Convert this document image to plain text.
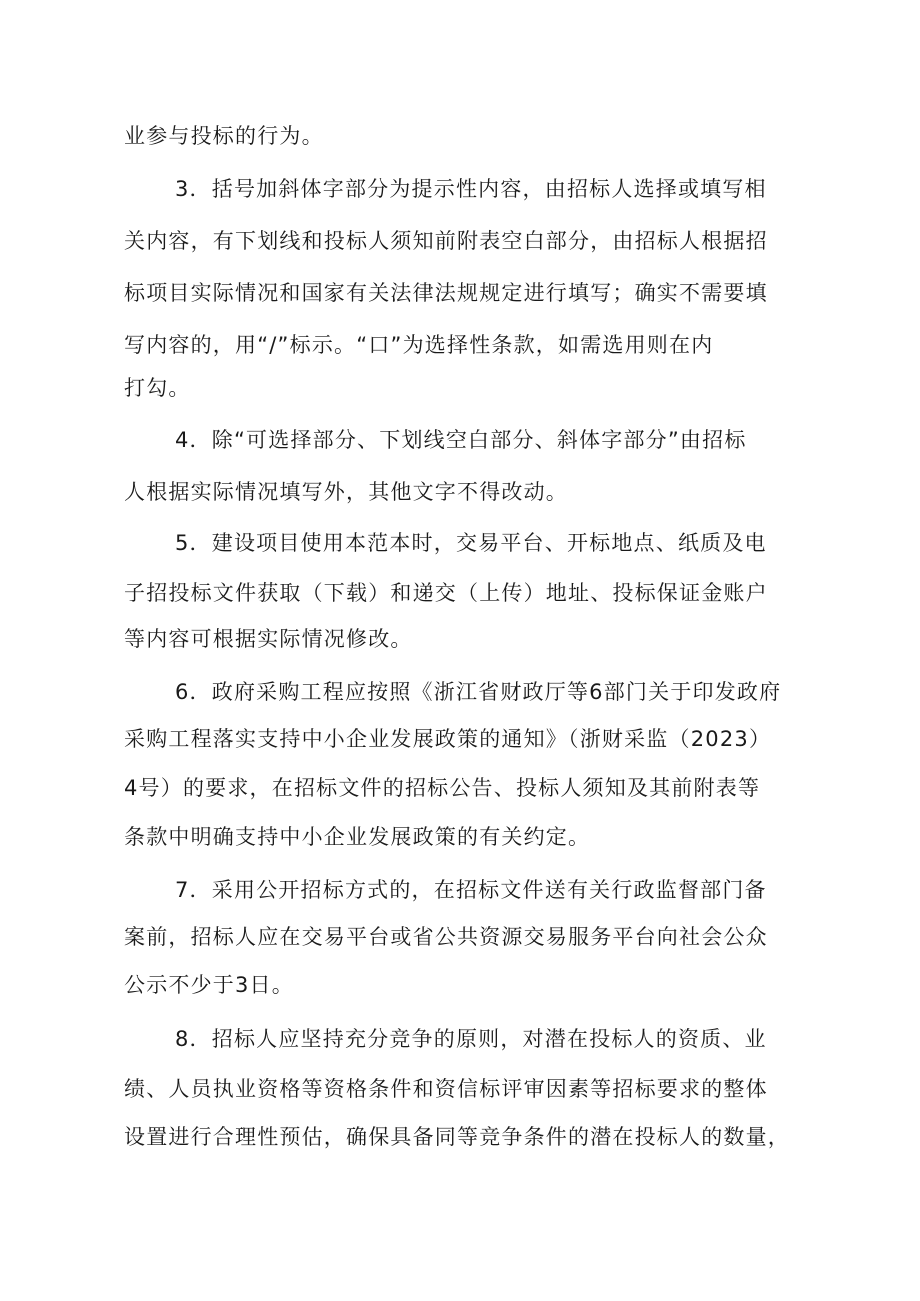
业参与投标的行为。
3．括号加斜体字部分为提示性内容，由招标人选择或填写相
关内容，有下划线和投标人须知前附表空白部分，由招标人根据招
标项目实际情况和国家有关法律法规规定进行填写；确实不需要填
写内容的，用“/”标示。“口”为选择性条款，如需选用则在内
打勾。
4．除“可选择部分、下划线空白部分、斜体字部分”由招标
人根据实际情况填写外，其他文字不得改动。
5．建设项目使用本范本时，交易平台、开标地点、纸质及电
子招投标文件获取（下载）和递交（上传）地址、投标保证金账户
等内容可根据实际情况修改。
6．政府采购工程应按照《浙江省财政厅等6部门关于印发政府
采购工程落实支持中小企业发展政策的通知》（浙财采监（2023）
4号）的要求，在招标文件的招标公告、投标人须知及其前附表等
条款中明确支持中小企业发展政策的有关约定。
7．采用公开招标方式的，在招标文件送有关行政监督部门备
案前，招标人应在交易平台或省公共资源交易服务平台向社会公众
公示不少于3日。
8．招标人应坚持充分竞争的原则，对潜在投标人的资质、业
绩、人员执业资格等资格条件和资信标评审因素等招标要求的整体
设置进行合理性预估，确保具备同等竞争条件的潜在投标人的数量，
